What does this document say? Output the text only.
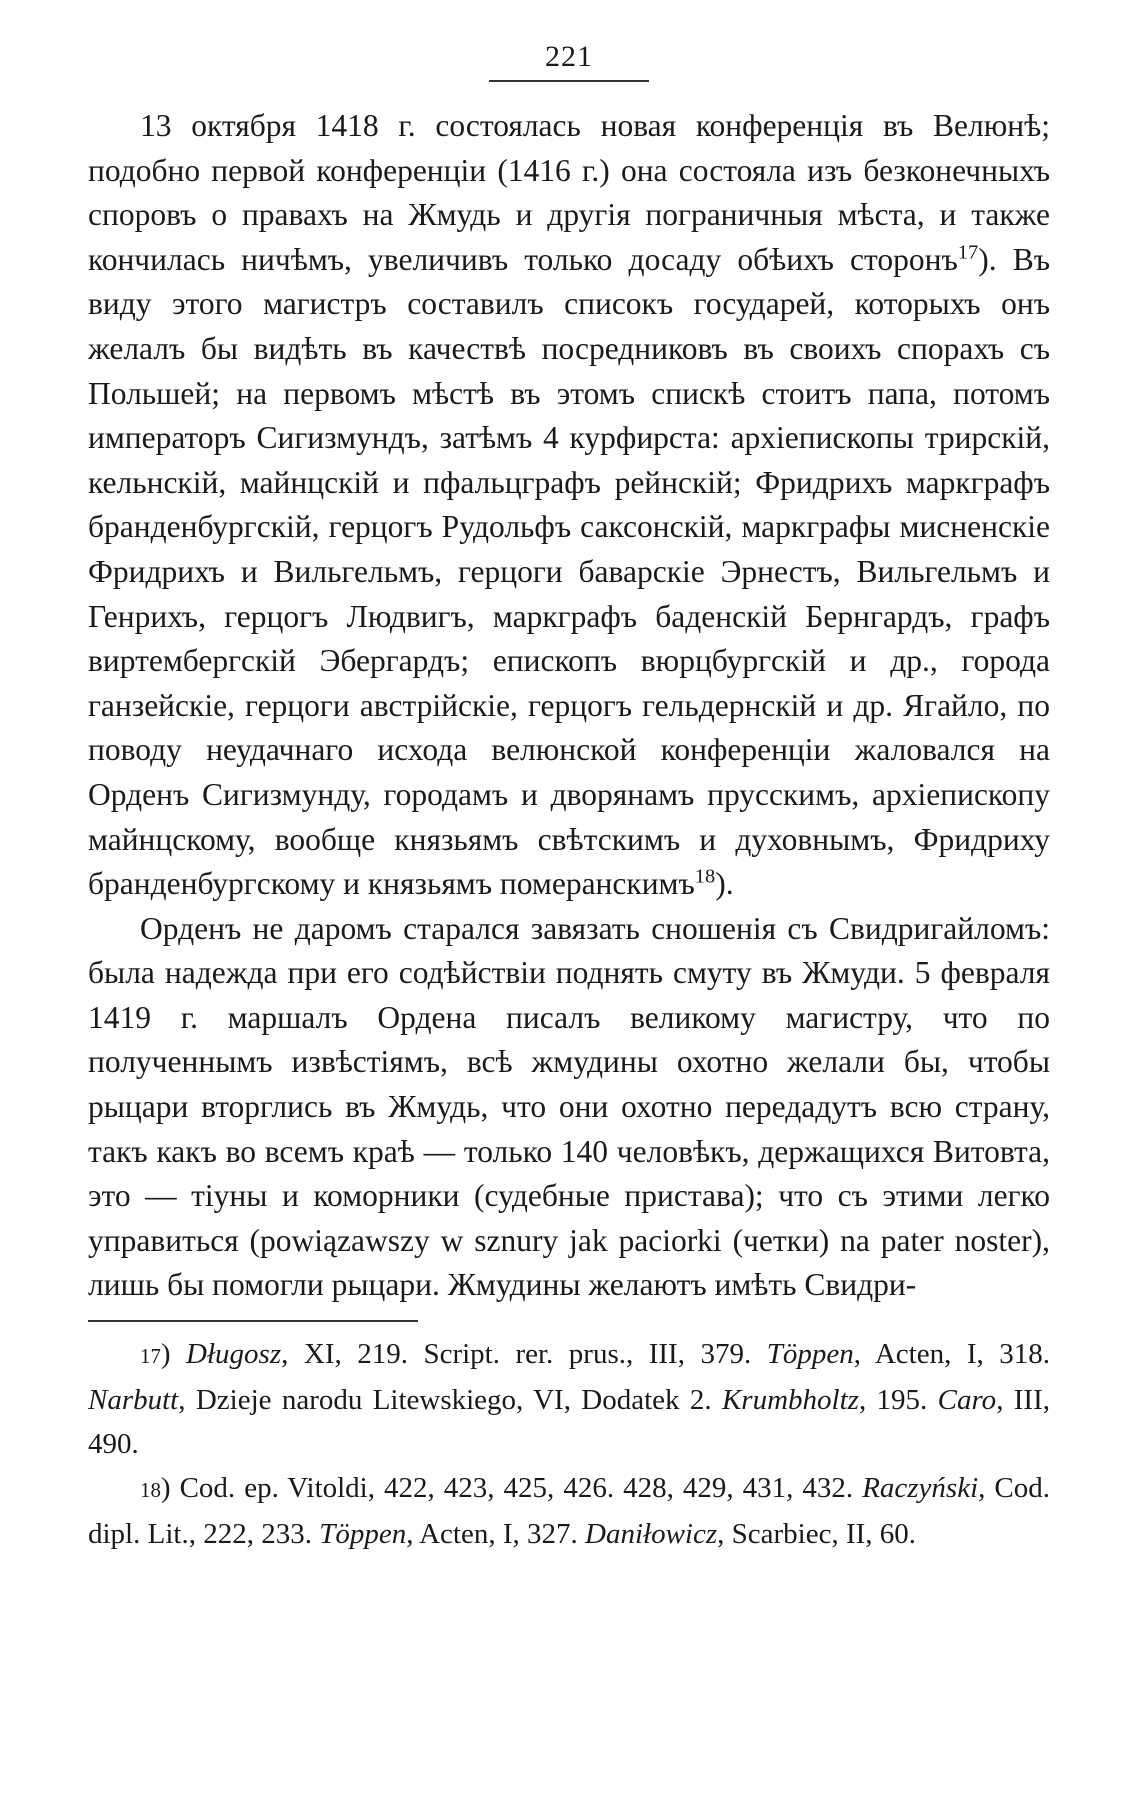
221

13 октября 1418 г. состоялась новая конференція въ Велюнѣ; подобно первой конференціи (1416 г.) она состояла изъ безконечныхъ споровъ о правахъ на Жмудь и другія пограничныя мѣста, и также кончилась ничѣмъ, увеличивъ только досаду обѣихъ сторонъ$^{17}$). Въ виду этого магистръ составилъ списокъ государей, которыхъ онъ желалъ бы видѣть въ качествѣ посредниковъ въ своихъ спорахъ съ Польшей; на первомъ мѣстѣ въ этомъ спискѣ стоитъ папа, потомъ императоръ Сигизмундъ, затѣмъ 4 курфирста: архіепископы трирскій, кельнскій, майнцскій и пфальцграфъ рейнскій; Фридрихъ маркграфъ бранденбургскій, герцогъ Рудольфъ саксонскій, маркграфы мисненскіе Фридрихъ и Вильгельмъ, герцоги баварскіе Эрнестъ, Вильгельмъ и Генрихъ, герцогъ Людвигъ, маркграфъ баденскій Бернгардъ, графъ виртембергскій Эбергардъ; епископъ вюрцбургскій и др., города ганзейскіе, герцоги австрійскіе, герцогъ гельдернскій и др. Ягайло, по поводу неудачнаго исхода велюнской конференціи жаловался на Орденъ Сигизмунду, городамъ и дворянамъ прусскимъ, архіепископу майнцскому, вообще князьямъ свѣтскимъ и духовнымъ, Фридриху бранденбургскому и князьямъ померанскимъ$^{18}$).

Орденъ не даромъ старался завязать сношенія съ Свидригайломъ: была надежда при его содѣйствіи поднять смуту въ Жмуди. 5 февраля 1419 г. маршалъ Ордена писалъ великому магистру, что по полученнымъ извѣстіямъ, всѣ жмудины охотно желали бы, чтобы рыцари вторглись въ Жмудь, что они охотно передадутъ всю страну, такъ какъ во всемъ краѣ — только 140 человѣкъ, держащихся Витовта, это — тіуны и коморники (судебные пристава); что съ этими легко управиться (powiązawszy w sznury jak paciorki (четки) na pater noster), лишь бы помогли рыцари. Жмудины желаютъ имѣть Свидри-

17) Długosz, XI, 219. Script. rer. prus., III, 379. Töppen, Acten, I, 318. Narbutt, Dzieje narodu Litewskiego, VI, Dodatek 2. Krumbholtz, 195. Caro, III, 490.

18) Cod. ep. Vitoldi, 422, 423, 425, 426. 428, 429, 431, 432. Raczyński, Cod. dipl. Lit., 222, 233. Töppen, Acten, I, 327. Daniłowicz, Scarbiec, II, 60.
